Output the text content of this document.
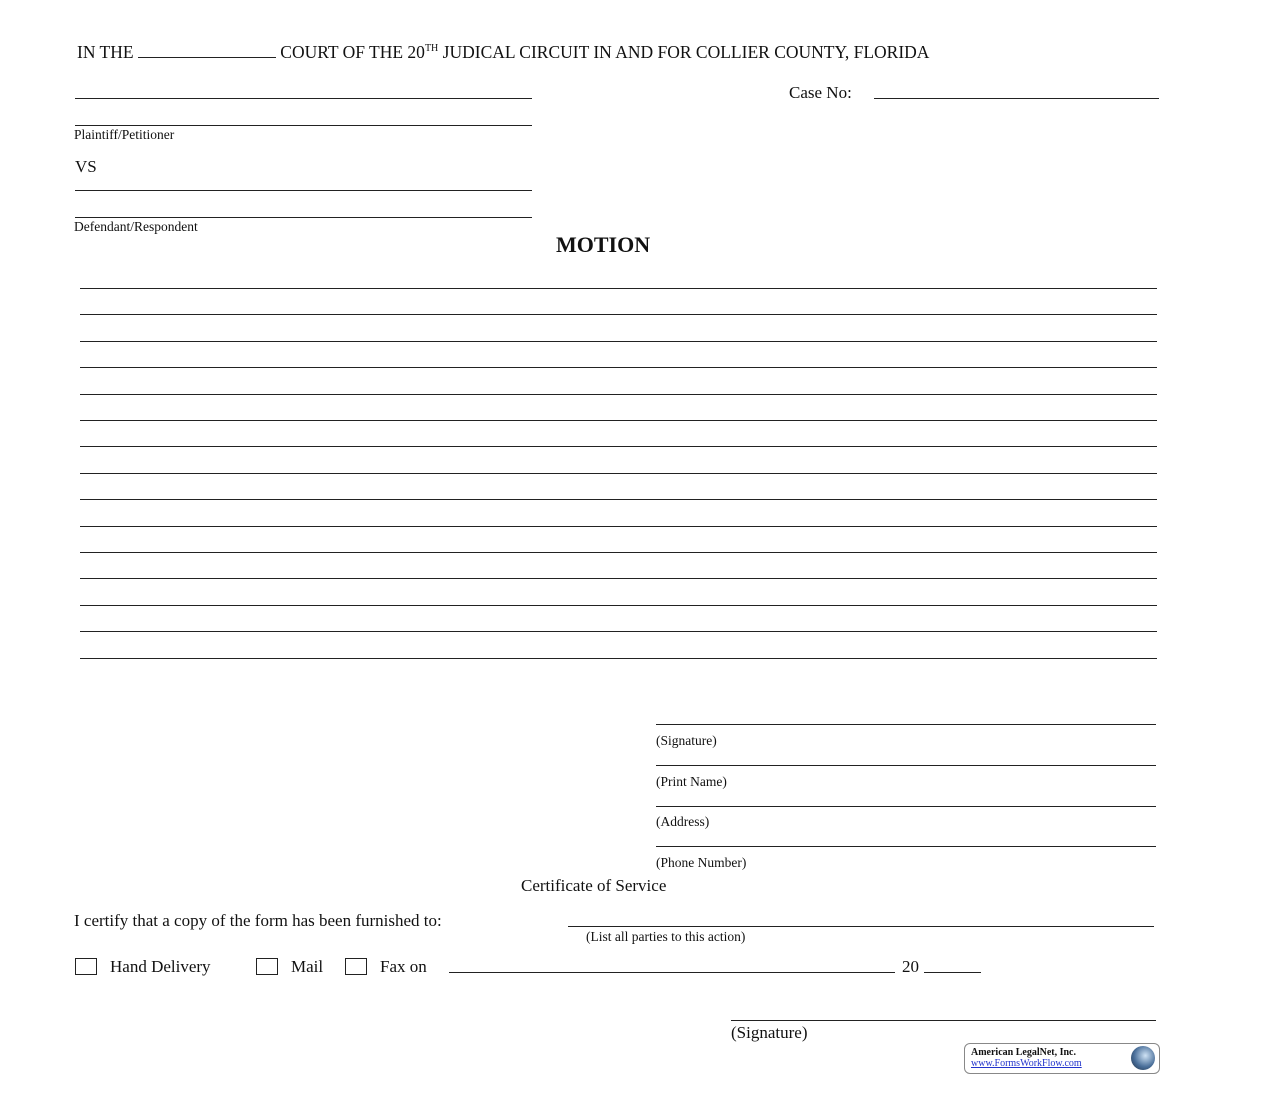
IN THE	COURT OF THE 20TH JUDICAL CIRCUIT IN AND FOR COLLIER COUNTY, FLORIDA
Plaintiff/Petitioner
VS
Defendant/Respondent
Case No:
MOTION
(Signature)
(Print Name)
(Address)
(Phone Number)
Certificate of Service
I certify that a copy of the form has been furnished to:
(List all parties to this action)
Hand Delivery	Mail	Fax on	20
(Signature)
American LegalNet, Inc.
www.FormsWorkFlow.com
